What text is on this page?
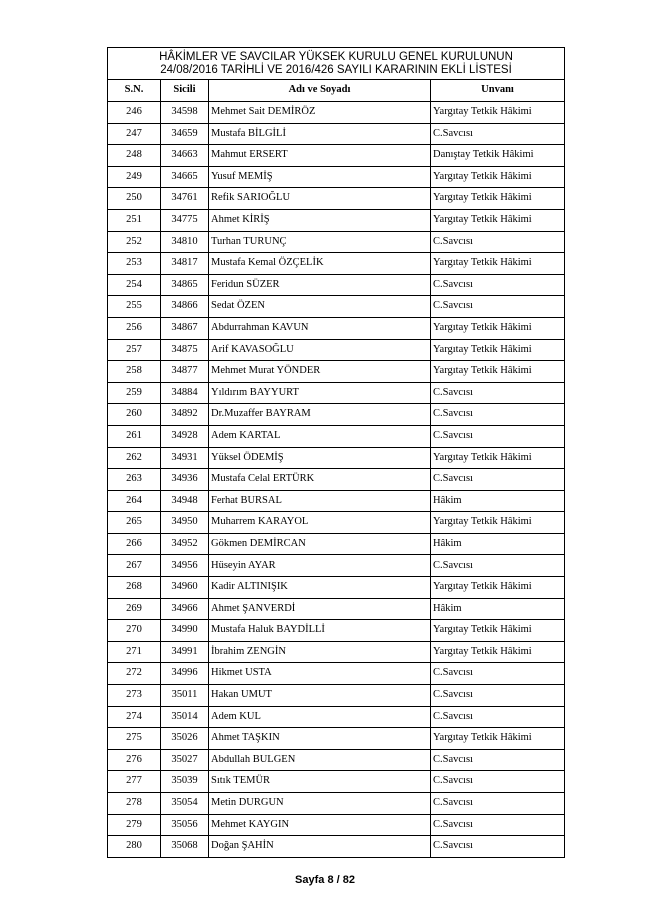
HÂKİMLER VE SAVCILAR YÜKSEK KURULU GENEL KURULUNUN
24/08/2016 TARİHLİ VE 2016/426 SAYILI KARARININ EKLİ LİSTESİ			

S.N.	Sicili	Adı ve Soyadı	Unvanı
246	34598	Mehmet Sait DEMİRÖZ	Yargıtay Tetkik Hâkimi
247	34659	Mustafa BİLGİLİ	C.Savcısı
248	34663	Mahmut ERSERT	Danıştay Tetkik Hâkimi
249	34665	Yusuf MEMİŞ	Yargıtay Tetkik Hâkimi
250	34761	Refik SARIOĞLU	Yargıtay Tetkik Hâkimi
251	34775	Ahmet KİRİŞ	Yargıtay Tetkik Hâkimi
252	34810	Turhan TURUNÇ	C.Savcısı
253	34817	Mustafa Kemal ÖZÇELİK	Yargıtay Tetkik Hâkimi
254	34865	Feridun SÜZER	C.Savcısı
255	34866	Sedat ÖZEN	C.Savcısı
256	34867	Abdurrahman KAVUN	Yargıtay Tetkik Hâkimi
257	34875	Arif KAVASOĞLU	Yargıtay Tetkik Hâkimi
258	34877	Mehmet Murat YÖNDER	Yargıtay Tetkik Hâkimi
259	34884	Yıldırım BAYYURT	C.Savcısı
260	34892	Dr.Muzaffer BAYRAM	C.Savcısı
261	34928	Adem KARTAL	C.Savcısı
262	34931	Yüksel ÖDEMİŞ	Yargıtay Tetkik Hâkimi
263	34936	Mustafa Celal ERTÜRK	C.Savcısı
264	34948	Ferhat BURSAL	Hâkim
265	34950	Muharrem KARAYOL	Yargıtay Tetkik Hâkimi
266	34952	Gökmen DEMİRCAN	Hâkim
267	34956	Hüseyin AYAR	C.Savcısı
268	34960	Kadir ALTINIŞIK	Yargıtay Tetkik Hâkimi
269	34966	Ahmet ŞANVERDİ	Hâkim
270	34990	Mustafa Haluk BAYDİLLİ	Yargıtay Tetkik Hâkimi
271	34991	İbrahim ZENGİN	Yargıtay Tetkik Hâkimi
272	34996	Hikmet USTA	C.Savcısı
273	35011	Hakan UMUT	C.Savcısı
274	35014	Adem KUL	C.Savcısı
275	35026	Ahmet TAŞKIN	Yargıtay Tetkik Hâkimi
276	35027	Abdullah BULGEN	C.Savcısı
277	35039	Sıtık TEMÜR	C.Savcısı
278	35054	Metin DURGUN	C.Savcısı
279	35056	Mehmet KAYGIN	C.Savcısı
280	35068	Doğan ŞAHİN	C.Savcısı
Sayfa 8 / 82
